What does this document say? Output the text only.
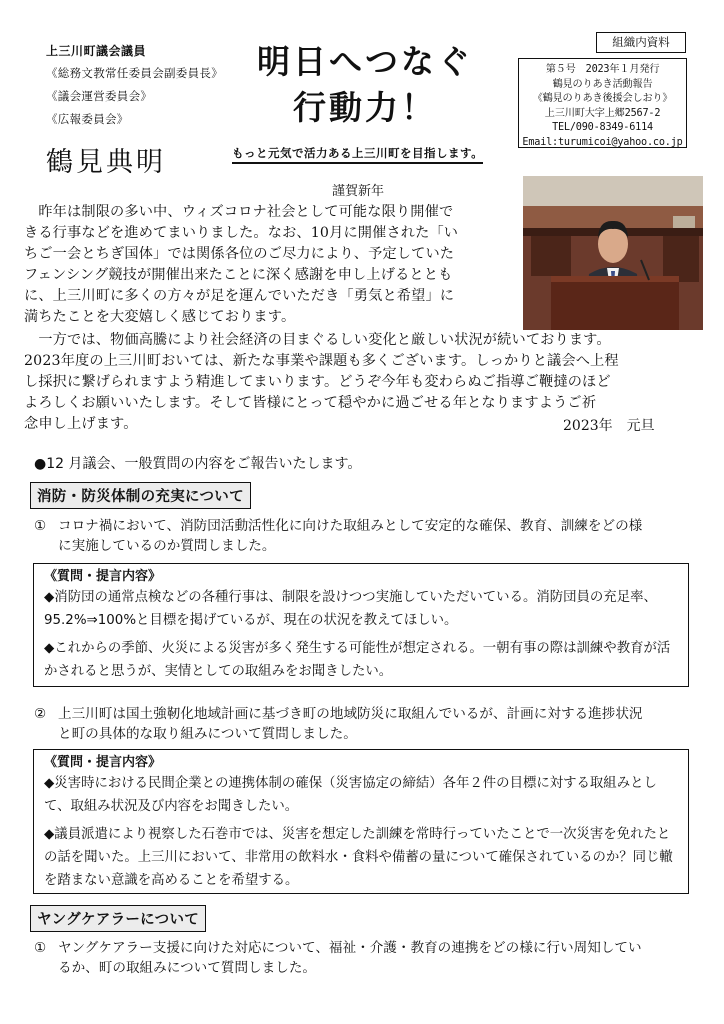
上三川町議会議員
《総務文教常任委員会副委員長》
《議会運営委員会》
《広報委員会》
鶴見典明
明日へつなぐ
行動力！
もっと元気で活力ある上三川町を目指します。
組織内資料
第５号　2023年１月発行
鶴見のりあき活動報告
《鶴見のりあき後援会しおり》
上三川町大字上郷2567-2
TEL/090-8349-6114
Email:turumicoi@yahoo.co.jp
謹賀新年
　昨年は制限の多い中、ウィズコロナ社会として可能な限り開催で
きる行事などを進めてまいりました。なお、10月に開催された「い
ちご一会とちぎ国体」では関係各位のご尽力により、予定していた
フェンシング競技が開催出来たことに深く感謝を申し上げるととも
に、上三川町に多くの方々が足を運んでいただき「勇気と希望」に
満ちたことを大変嬉しく感じております。
　一方では、物価高騰により社会経済の目まぐるしい変化と厳しい状況が続いております。
2023年度の上三川町おいては、新たな事業や課題も多くございます。しっかりと議会へ上程
し採択に繋げられますよう精進してまいります。どうぞ今年も変わらぬご指導ご鞭撻のほど
よろしくお願いいたします。そして皆様にとって穏やかに過ごせる年となりますようご祈
念申し上げます。	2023年　元旦
●12 月議会、一般質問の内容をご報告いたします。
消防・防災体制の充実について
① コロナ禍において、消防団活動活性化に向けた取組みとして安定的な確保、教育、訓練をどの様
に実施しているのか質問しました。
《質問・提言内容》

◆消防団の通常点検などの各種行事は、制限を設けつつ実施していただいている。消防団員の充足率、95.2%⇒100%と目標を掲げているが、現在の状況を教えてほしい。

◆これからの季節、火災による災害が多く発生する可能性が想定される。一朝有事の際は訓練や教育が活かされると思うが、実情としての取組みをお聞きしたい。

② 上三川町は国土強靭化地域計画に基づき町の地域防災に取組んでいるが、計画に対する進捗状況
と町の具体的な取り組みについて質問しました。
《質問・提言内容》

◆災害時における民間企業との連携体制の確保（災害協定の締結）各年２件の目標に対する取組みとして、取組み状況及び内容をお聞きしたい。

◆議員派遣により視察した石巻市では、災害を想定した訓練を常時行っていたことで一次災害を免れたとの話を聞いた。上三川において、非常用の飲料水・食料や備蓄の量について確保されているのか？同じ轍を踏まない意識を高めることを希望する。

ヤングケアラーについて
① ヤングケアラー支援に向けた対応について、福祉・介護・教育の連携をどの様に行い周知してい
るか、町の取組みについて質問しました。
